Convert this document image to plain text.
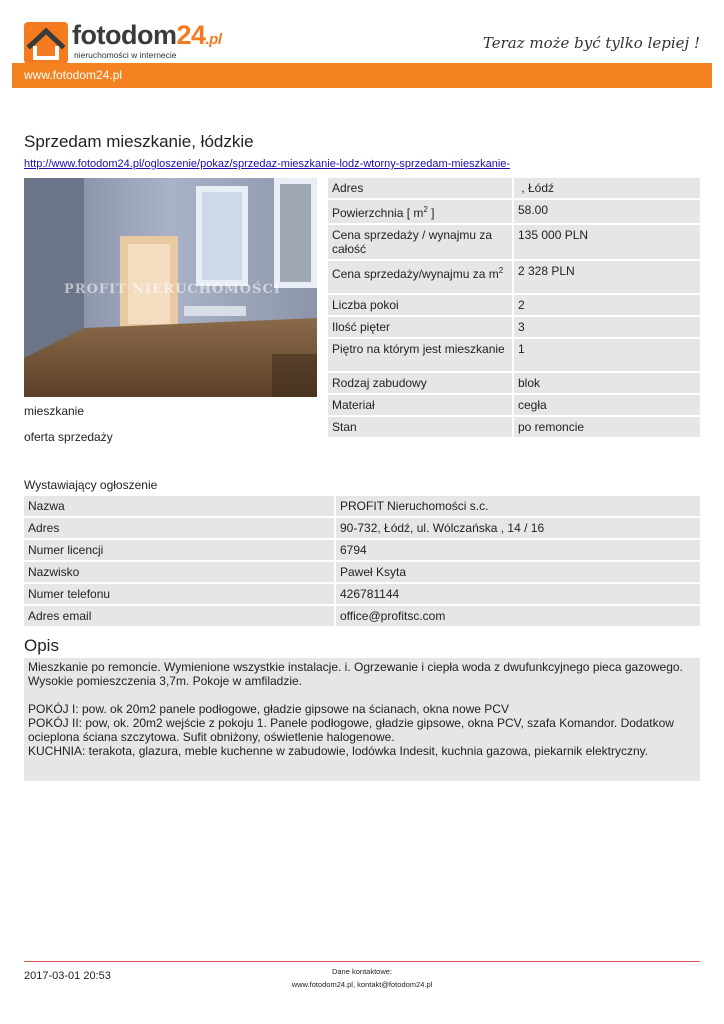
fotodom24.pl
nieruchomości w internecie
Teraz może być tylko lepiej !
www.fotodom24.pl
Sprzedam mieszkanie, łódzkie
http://www.fotodom24.pl/ogloszenie/pokaz/sprzedaz-mieszkanie-lodz-wtorny-sprzedam-mieszkanie-
PROFIT NIERUCHOMOŚCI
mieszkanie
oferta sprzedaży
Adres	, Łódź
Powierzchnia [ $m^2$ ]	58.00
Cena sprzedaży / wynajmu za całość	135 000 PLN
Cena sprzedaży/wynajmu za $m^2$	2 328 PLN
Liczba pokoi	2
Ilość pięter	3
Piętro na którym jest mieszkanie	1
Rodzaj zabudowy	blok
Materiał	cegła
Stan	po remoncie
Wystawiający ogłoszenie
Nazwa	PROFIT Nieruchomości s.c.
Adres	90-732, Łódź, ul. Wólczańska , 14 / 16
Numer licencji	6794
Nazwisko	Paweł Ksyta
Numer telefonu	426781144
Adres email	office@profitsc.com
Opis

Mieszkanie po remoncie. Wymienione wszystkie instalacje. i. Ogrzewanie i ciepła woda z dwufunkcyjnego pieca gazowego. Wysokie pomieszczenia 3,7m. Pokoje w amfiladzie.

POKÓJ I: pow. ok 20m2 panele podłogowe, gładzie gipsowe na ścianach, okna nowe PCV

POKÓJ II: pow, ok. 20m2 wejście z pokoju 1. Panele podłogowe, gładzie gipsowe, okna PCV, szafa Komandor. Dodatkow ocieplona ściana szczytowa. Sufit obniżony, oświetlenie halogenowe.

KUCHNIA: terakota, glazura, meble kuchenne w zabudowie, lodówka Indesit, kuchnia gazowa, piekarnik elektryczny.

2017-03-01 20:53	Dane kontaktowe:
www.fotodom24.pl, kontakt@fotodom24.pl
